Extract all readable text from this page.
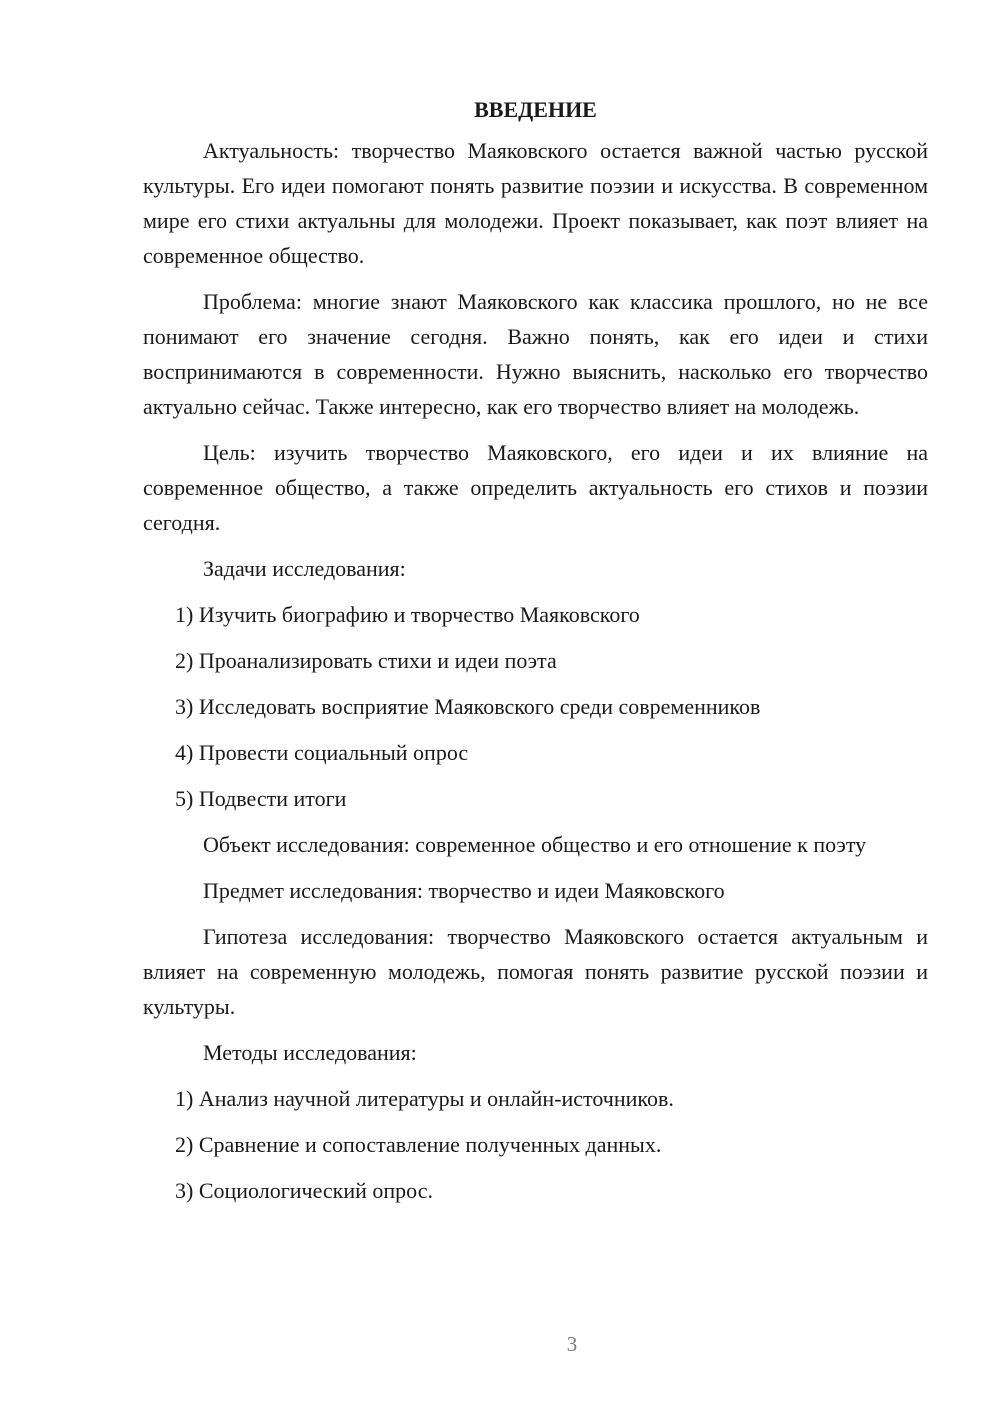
ВВЕДЕНИЕ

Актуальность: творчество Маяковского остается важной частью русской культуры. Его идеи помогают понять развитие поэзии и искусства. В современном мире его стихи актуальны для молодежи. Проект показывает, как поэт влияет на современное общество.

Проблема: многие знают Маяковского как классика прошлого, но не все понимают его значение сегодня. Важно понять, как его идеи и стихи воспринимаются в современности. Нужно выяснить, насколько его творчество актуально сейчас. Также интересно, как его творчество влияет на молодежь.

Цель: изучить творчество Маяковского, его идеи и их влияние на современное общество, а также определить актуальность его стихов и поэзии сегодня.

Задачи исследования:

1) Изучить биографию и творчество Маяковского
2) Проанализировать стихи и идеи поэта
3) Исследовать восприятие Маяковского среди современников
4) Провести социальный опрос
5) Подвести итоги

Объект исследования: современное общество и его отношение к поэту

Предмет исследования: творчество и идеи Маяковского

Гипотеза исследования: творчество Маяковского остается актуальным и влияет на современную молодежь, помогая понять развитие русской поэзии и культуры.

Методы исследования:

1) Анализ научной литературы и онлайн-источников.
2) Сравнение и сопоставление полученных данных.
3) Социологический опрос.
3
